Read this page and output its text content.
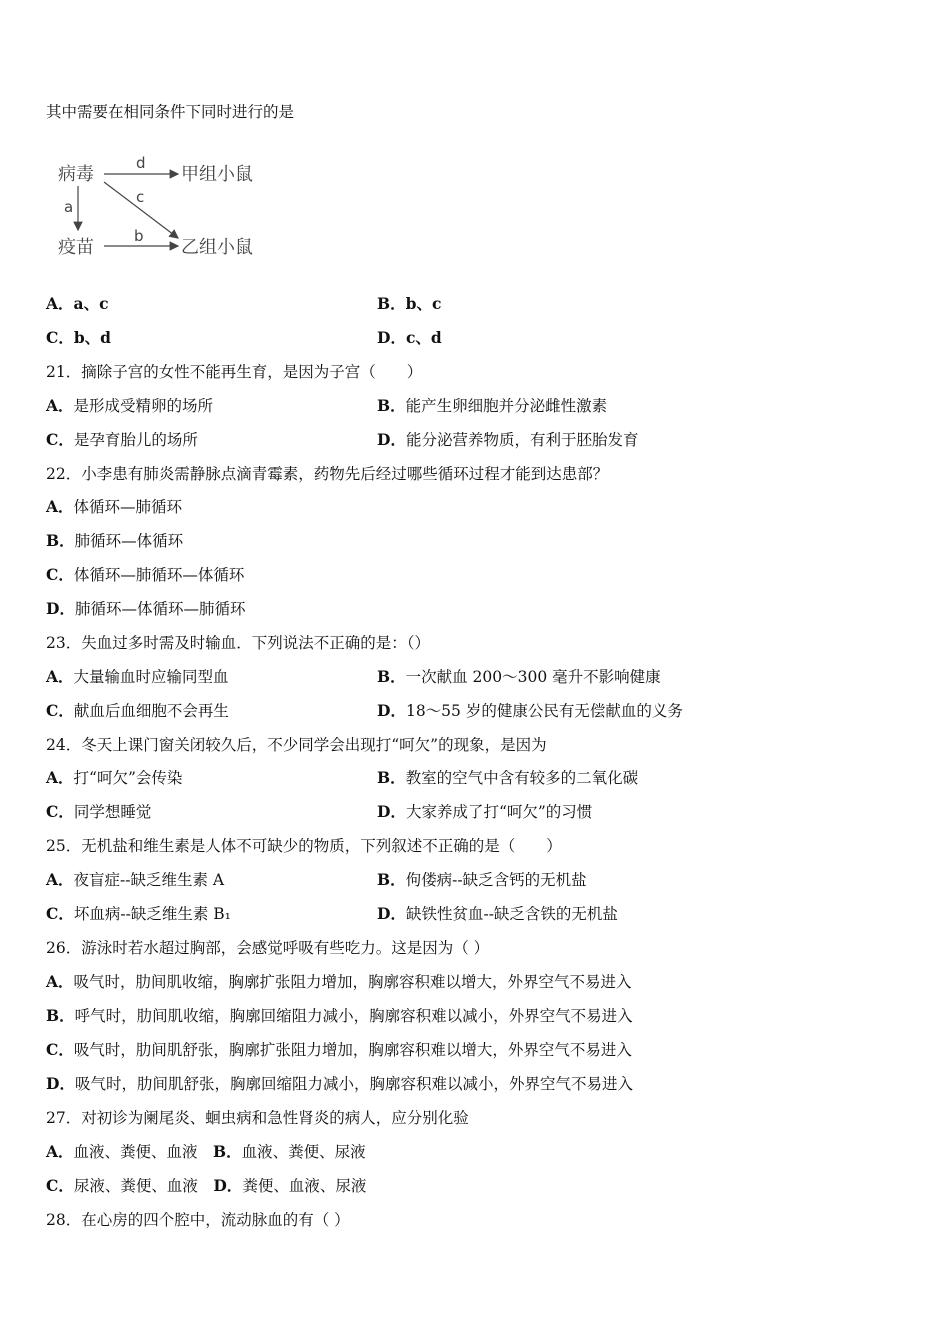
其中需要在相同条件下同时进行的是
病毒
疫苗
甲组小鼠
乙组小鼠
d
a
c
b
A．a、c	B．b、c
C．b、d	D．c、d
21．摘除子宫的女性不能再生育，是因为子宫（　　）
A．是形成受精卵的场所	B．能产生卵细胞并分泌雌性激素
C．是孕育胎儿的场所	D．能分泌营养物质，有利于胚胎发育
22．小李患有肺炎需静脉点滴青霉素，药物先后经过哪些循环过程才能到达患部？
A．体循环—肺循环
B．肺循环—体循环
C．体循环—肺循环—体循环
D．肺循环—体循环—肺循环
23．失血过多时需及时输血．下列说法不正确的是：（）
A．大量输血时应输同型血	B．一次献血 200～300 毫升不影响健康
C．献血后血细胞不会再生	D．18～55 岁的健康公民有无偿献血的义务
24．冬天上课门窗关闭较久后，不少同学会出现打“呵欠”的现象，是因为
A．打“呵欠”会传染	B．教室的空气中含有较多的二氧化碳
C．同学想睡觉	D．大家养成了打“呵欠”的习惯
25．无机盐和维生素是人体不可缺少的物质，下列叙述不正确的是（　　）
A．夜盲症--缺乏维生素 A	B．佝偻病--缺乏含钙的无机盐
C．坏血病--缺乏维生素 B₁	D．缺铁性贫血--缺乏含铁的无机盐
26．游泳时若水超过胸部，会感觉呼吸有些吃力。这是因为（ ）
A．吸气时，肋间肌收缩，胸廓扩张阻力增加，胸廓容积难以增大，外界空气不易进入
B．呼气时，肋间肌收缩，胸廓回缩阻力减小，胸廓容积难以减小，外界空气不易进入
C．吸气时，肋间肌舒张，胸廓扩张阻力增加，胸廓容积难以增大，外界空气不易进入
D．吸气时，肋间肌舒张，胸廓回缩阻力减小，胸廓容积难以减小，外界空气不易进入
27．对初诊为阑尾炎、蛔虫病和急性肾炎的病人，应分别化验
A．血液、粪便、血液　B．血液、粪便、尿液
C．尿液、粪便、血液　D．粪便、血液、尿液
28．在心房的四个腔中，流动脉血的有（ ）
